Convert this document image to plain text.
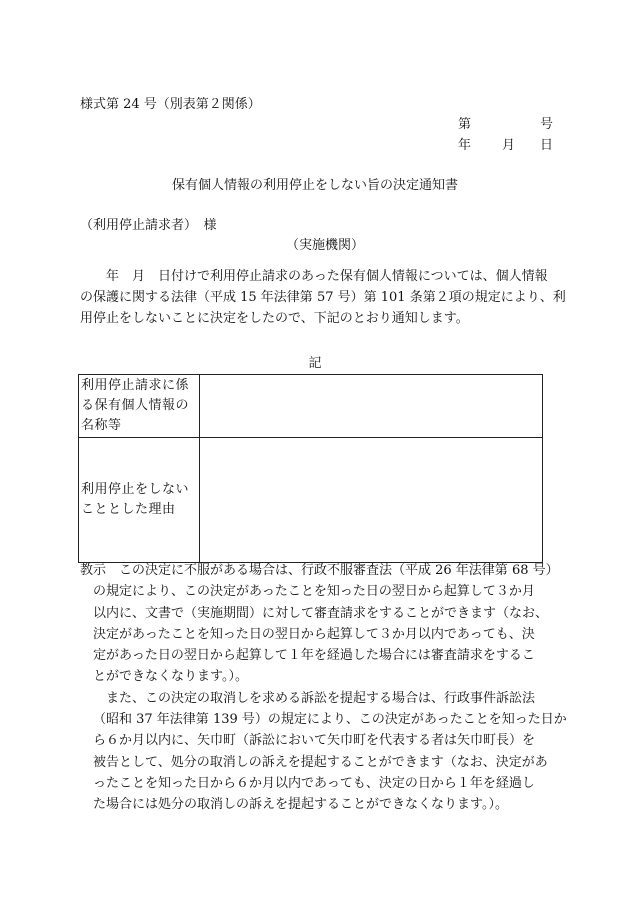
様式第 24 号（別表第２関係）
第	号
年 月 日
保有個人情報の利用停止をしない旨の決定通知書
（利用停止請求者）　様
（実施機関）
　年　月　日付けで利用停止請求のあった保有個人情報については、個人情報
の保護に関する法律（平成 15 年法律第 57 号）第 101 条第２項の規定により、利
用停止をしないことに決定をしたので、下記のとおり通知します。
記
利用停止請求に係る保有個人情報の名称等	
利用停止をしないこととした理由	
教示　この決定に不服がある場合は、行政不服審査法（平成 26 年法律第 68 号）
の規定により、この決定があったことを知った日の翌日から起算して３か月
以内に、文書で（実施期間）に対して審査請求をすることができます（なお、
決定があったことを知った日の翌日から起算して３か月以内であっても、決
定があった日の翌日から起算して１年を経過した場合には審査請求をするこ
とができなくなります。）。
また、この決定の取消しを求める訴訟を提起する場合は、行政事件訴訟法
（昭和 37 年法律第 139 号）の規定により、この決定があったことを知った日か
ら６か月以内に、矢巾町（訴訟において矢巾町を代表する者は矢巾町長）を
被告として、処分の取消しの訴えを提起することができます（なお、決定があ
ったことを知った日から６か月以内であっても、決定の日から１年を経過し
た場合には処分の取消しの訴えを提起することができなくなります。）。
